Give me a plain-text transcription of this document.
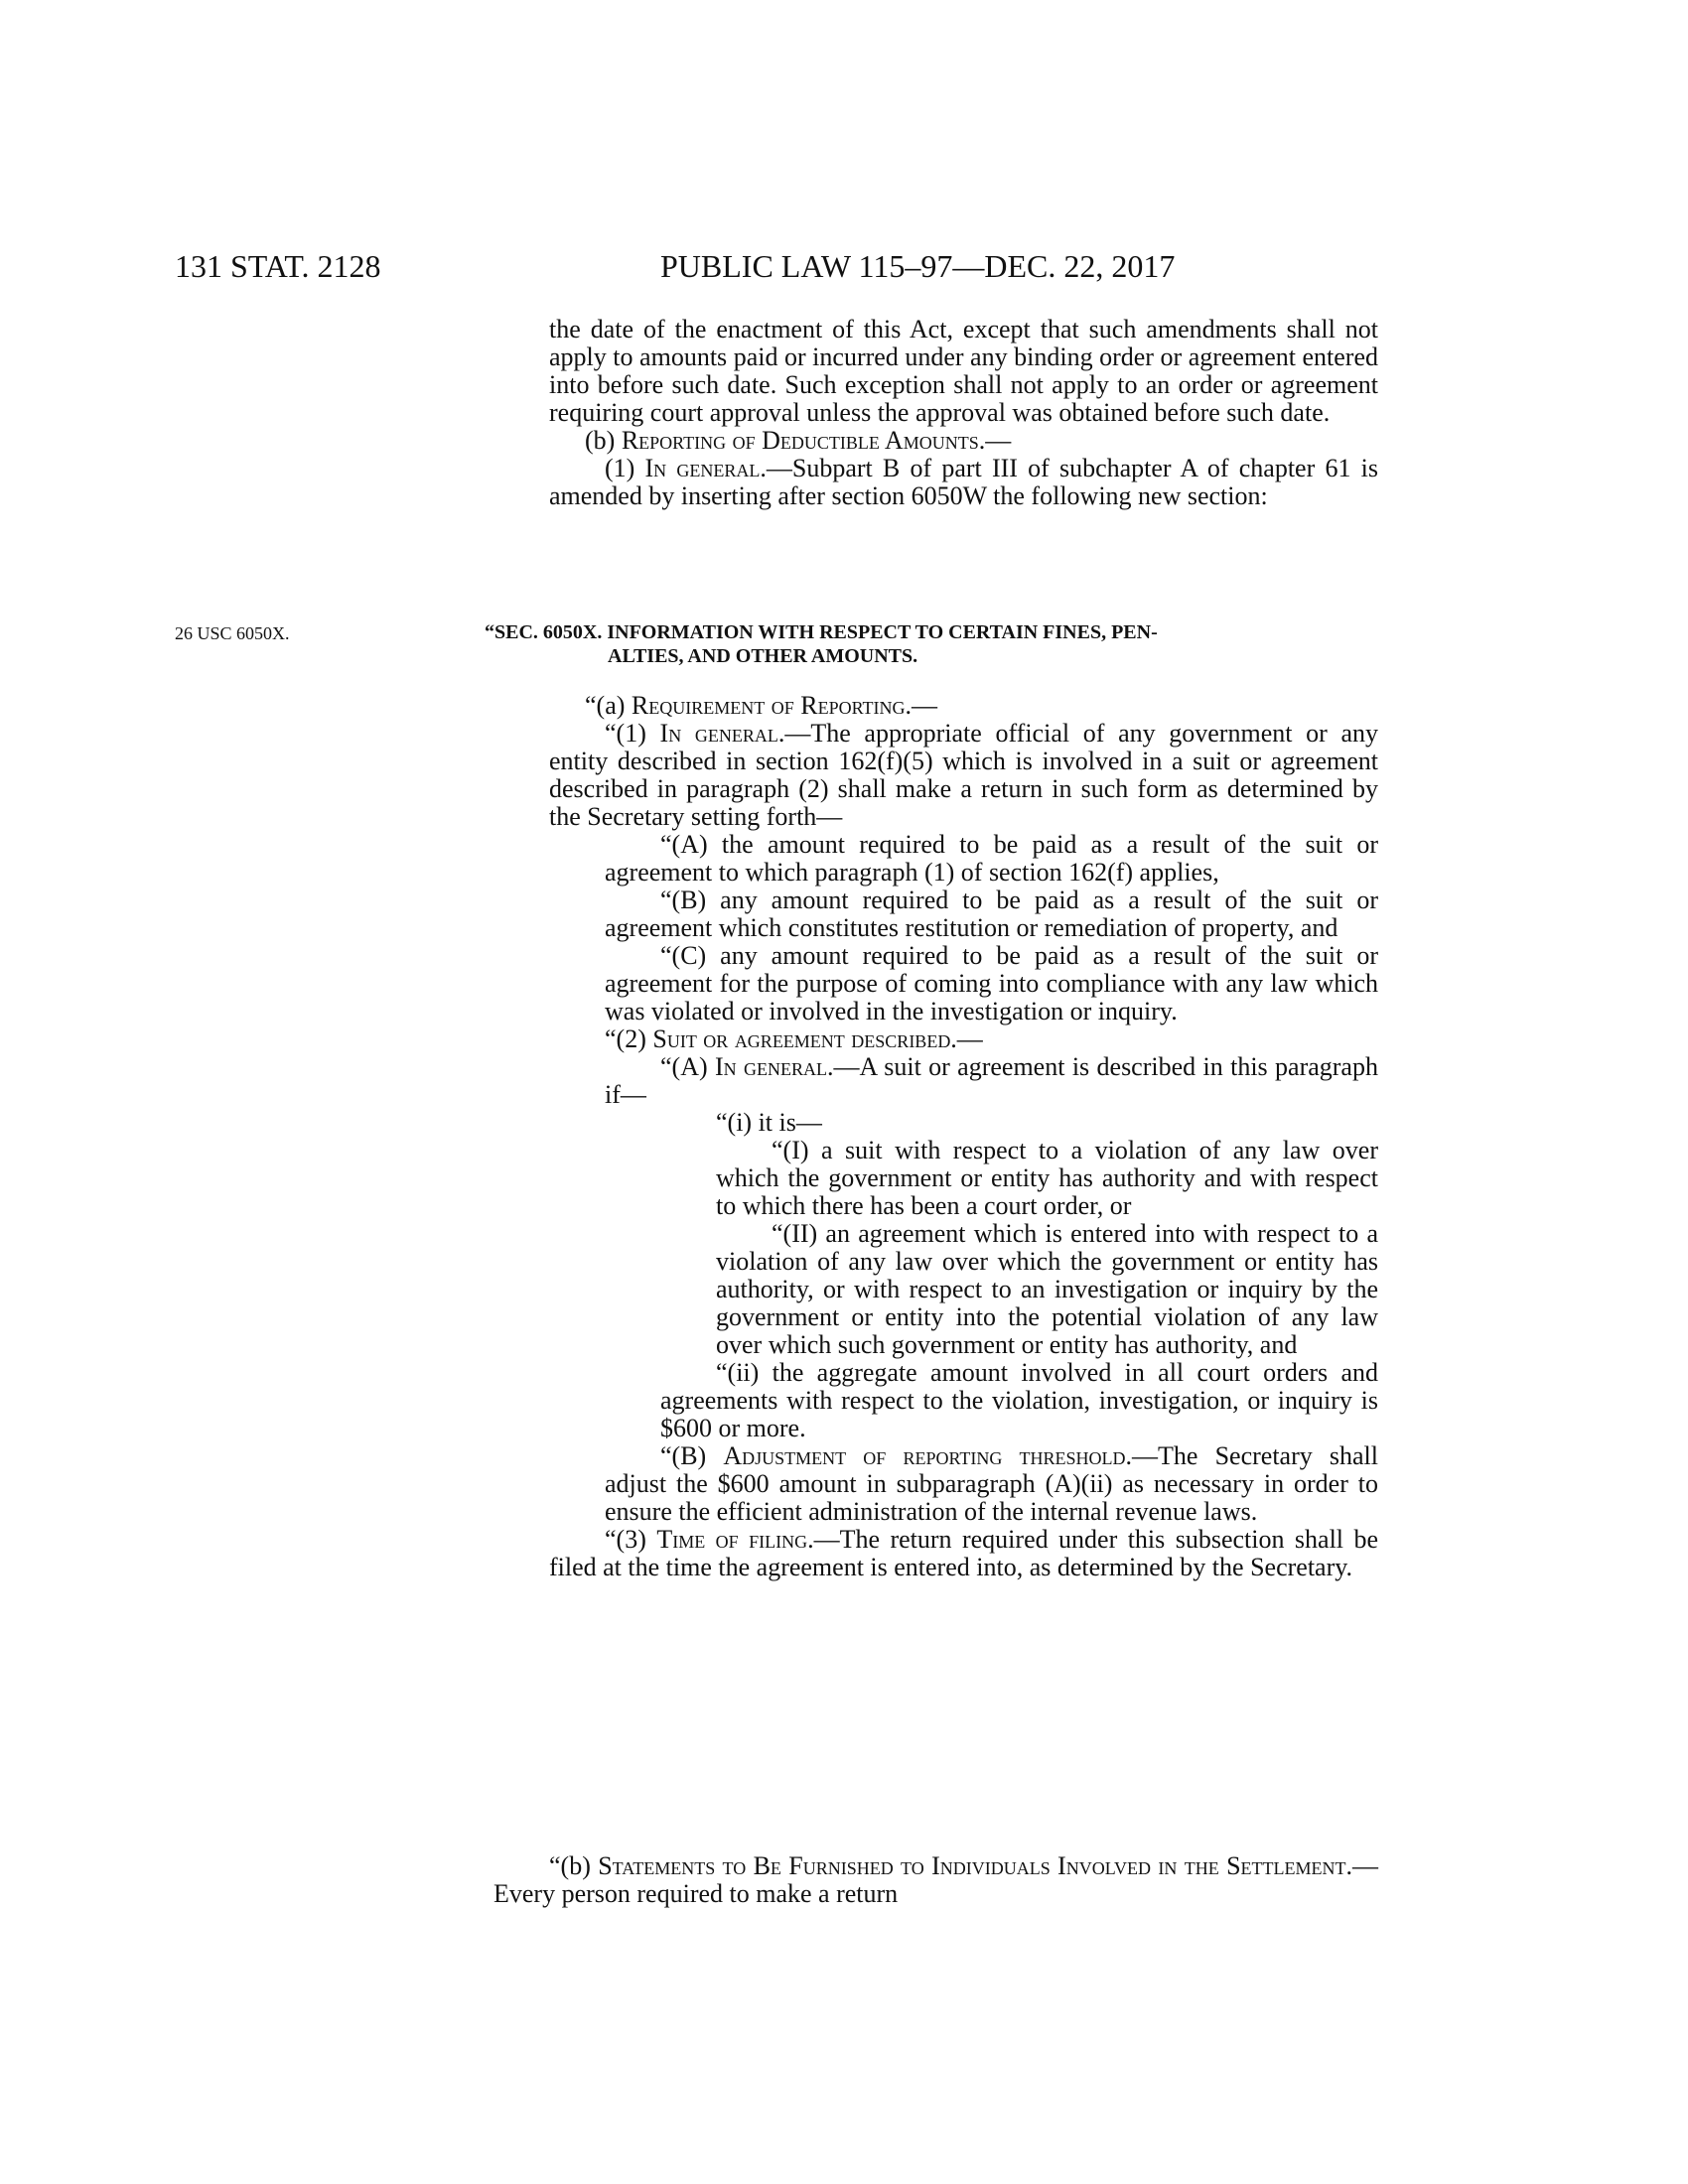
131 STAT. 2128	PUBLIC LAW 115–97—DEC. 22, 2017

the date of the enactment of this Act, except that such amendments shall not apply to amounts paid or incurred under any binding order or agreement entered into before such date. Such exception shall not apply to an order or agreement requiring court approval unless the approval was obtained before such date.

(b) Reporting of Deductible Amounts.—

(1) In general.—Subpart B of part III of subchapter A of chapter 61 is amended by inserting after section 6050W the following new section:

26 USC 6050X.	“SEC. 6050X. INFORMATION WITH RESPECT TO CERTAIN FINES, PEN-
ALTIES, AND OTHER AMOUNTS.

“(a) Requirement of Reporting.—

“(1) In general.—The appropriate official of any government or any entity described in section 162(f)(5) which is involved in a suit or agreement described in paragraph (2) shall make a return in such form as determined by the Secretary setting forth—

“(A) the amount required to be paid as a result of the suit or agreement to which paragraph (1) of section 162(f) applies,

“(B) any amount required to be paid as a result of the suit or agreement which constitutes restitution or remediation of property, and

“(C) any amount required to be paid as a result of the suit or agreement for the purpose of coming into compliance with any law which was violated or involved in the investigation or inquiry.

“(2) Suit or agreement described.—

“(A) In general.—A suit or agreement is described in this paragraph if—

“(i) it is—

“(I) a suit with respect to a violation of any law over which the government or entity has authority and with respect to which there has been a court order, or

“(II) an agreement which is entered into with respect to a violation of any law over which the government or entity has authority, or with respect to an investigation or inquiry by the government or entity into the potential violation of any law over which such government or entity has authority, and

“(ii) the aggregate amount involved in all court orders and agreements with respect to the violation, investigation, or inquiry is $600 or more.

“(B) Adjustment of reporting threshold.—The Secretary shall adjust the $600 amount in subparagraph (A)(ii) as necessary in order to ensure the efficient administration of the internal revenue laws.

“(3) Time of filing.—The return required under this subsection shall be filed at the time the agreement is entered into, as determined by the Secretary.

“(b) Statements to Be Furnished to Individuals Involved in the Settlement.—Every person required to make a return
